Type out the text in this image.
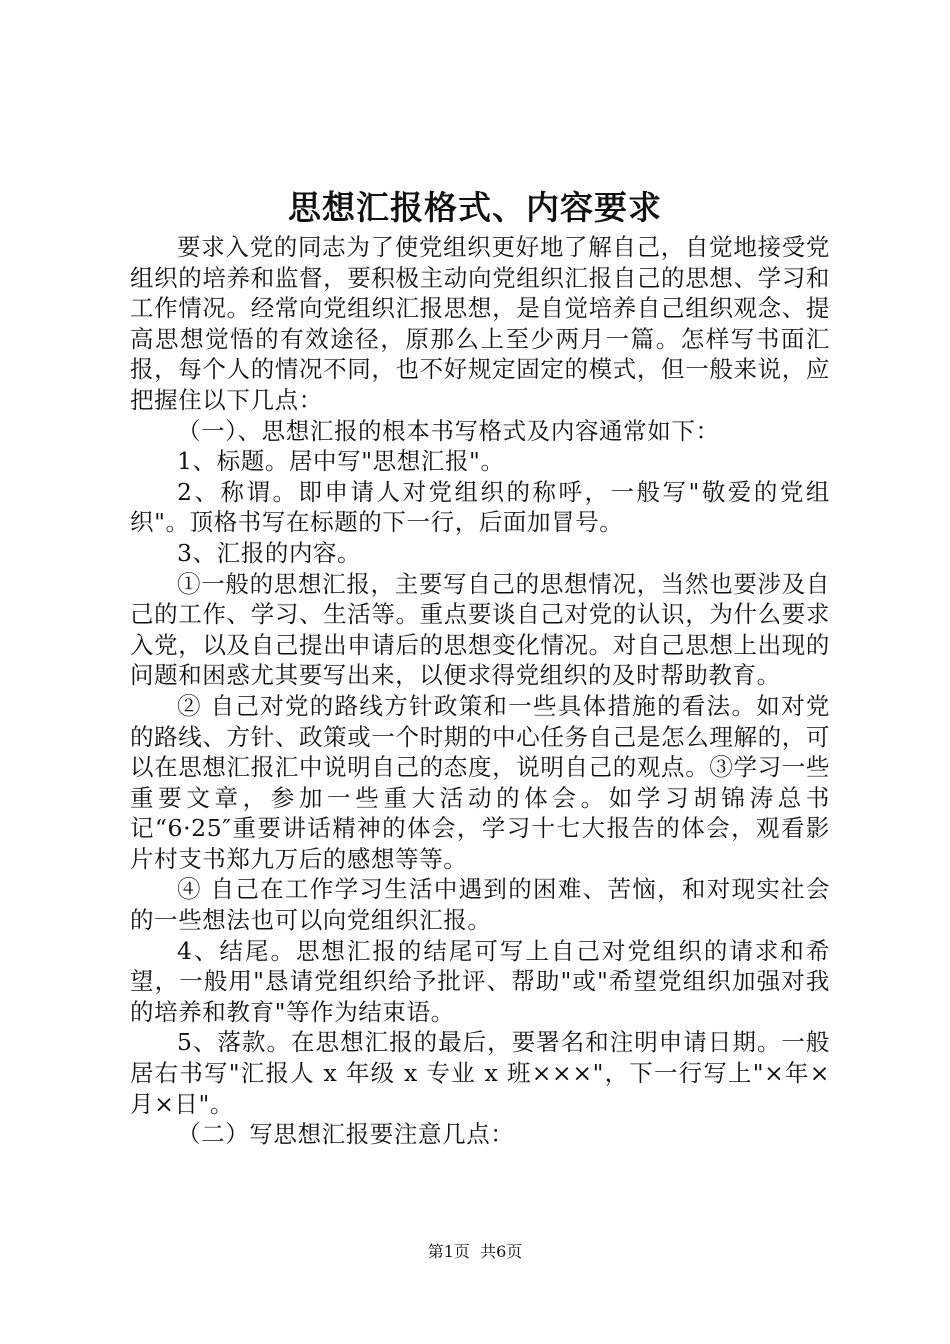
思想汇报格式、内容要求

要求入党的同志为了使党组织更好地了解自己，自觉地接受党组织的培养和监督，要积极主动向党组织汇报自己的思想、学习和工作情况。经常向党组织汇报思想，是自觉培养自己组织观念、提高思想觉悟的有效途径，原那么上至少两月一篇。怎样写书面汇报，每个人的情况不同，也不好规定固定的模式，但一般来说，应把握住以下几点：

（一）、思想汇报的根本书写格式及内容通常如下：

1、标题。居中写"思想汇报"。

2、称谓。即申请人对党组织的称呼，一般写"敬爱的党组织"。顶格书写在标题的下一行，后面加冒号。

3、汇报的内容。

①一般的思想汇报，主要写自己的思想情况，当然也要涉及自己的工作、学习、生活等。重点要谈自己对党的认识，为什么要求入党，以及自己提出申请后的思想变化情况。对自己思想上出现的问题和困惑尤其要写出来，以便求得党组织的及时帮助教育。

② 自己对党的路线方针政策和一些具体措施的看法。如对党的路线、方针、政策或一个时期的中心任务自己是怎么理解的，可以在思想汇报汇中说明自己的态度，说明自己的观点。③学习一些重要文章，参加一些重大活动的体会。如学习胡锦涛总书记“6·25″重要讲话精神的体会，学习十七大报告的体会，观看影片村支书郑九万后的感想等等。

④ 自己在工作学习生活中遇到的困难、苦恼，和对现实社会的一些想法也可以向党组织汇报。

4、结尾。思想汇报的结尾可写上自己对党组织的请求和希望，一般用"恳请党组织给予批评、帮助"或"希望党组织加强对我的培养和教育"等作为结束语。

5、落款。在思想汇报的最后，要署名和注明申请日期。一般居右书写"汇报人 x 年级 x 专业 x 班×××"，下一行写上"×年×月×日"。

（二）写思想汇报要注意几点：

第1页 共6页
